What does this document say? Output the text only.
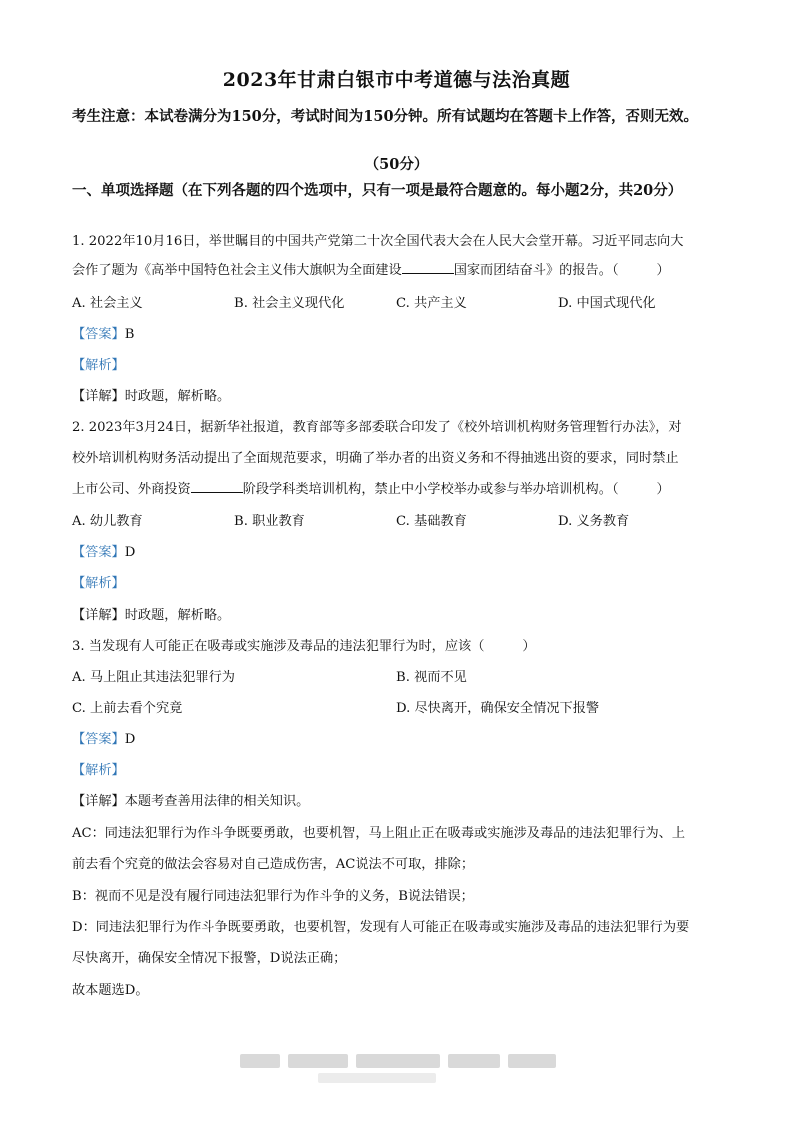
2023年甘肃白银市中考道德与法治真题
考生注意：本试卷满分为150分，考试时间为150分钟。所有试题均在答题卡上作答，否则无效。
（50分）
一、单项选择题（在下列各题的四个选项中，只有一项是最符合题意的。每小题2分，共20分）
1. 2022年10月16日，举世瞩目的中国共产党第二十次全国代表大会在人民大会堂开幕。习近平同志向大
会作了题为《高举中国特色社会主义伟大旗帜为全面建设	国家而团结奋斗》的报告。（	）
A. 社会主义	B. 社会主义现代化	C. 共产主义	D. 中国式现代化
【答案】B
【解析】
【详解】时政题，解析略。
2. 2023年3月24日，据新华社报道，教育部等多部委联合印发了《校外培训机构财务管理暂行办法》，对
校外培训机构财务活动提出了全面规范要求，明确了举办者的出资义务和不得抽逃出资的要求，同时禁止
上市公司、外商投资	阶段学科类培训机构，禁止中小学校举办或参与举办培训机构。（	）
A. 幼儿教育	B. 职业教育	C. 基础教育	D. 义务教育
【答案】D
【解析】
【详解】时政题，解析略。
3. 当发现有人可能正在吸毒或实施涉及毒品的违法犯罪行为时，应该（	）
A. 马上阻止其违法犯罪行为	B. 视而不见
C. 上前去看个究竟	D. 尽快离开，确保安全情况下报警
【答案】D
【解析】
【详解】本题考查善用法律的相关知识。
AC：同违法犯罪行为作斗争既要勇敢，也要机智，马上阻止正在吸毒或实施涉及毒品的违法犯罪行为、上
前去看个究竟的做法会容易对自己造成伤害，AC说法不可取，排除；
B：视而不见是没有履行同违法犯罪行为作斗争的义务，B说法错误；
D：同违法犯罪行为作斗争既要勇敢，也要机智，发现有人可能正在吸毒或实施涉及毒品的违法犯罪行为要
尽快离开，确保安全情况下报警，D说法正确；
故本题选D。
